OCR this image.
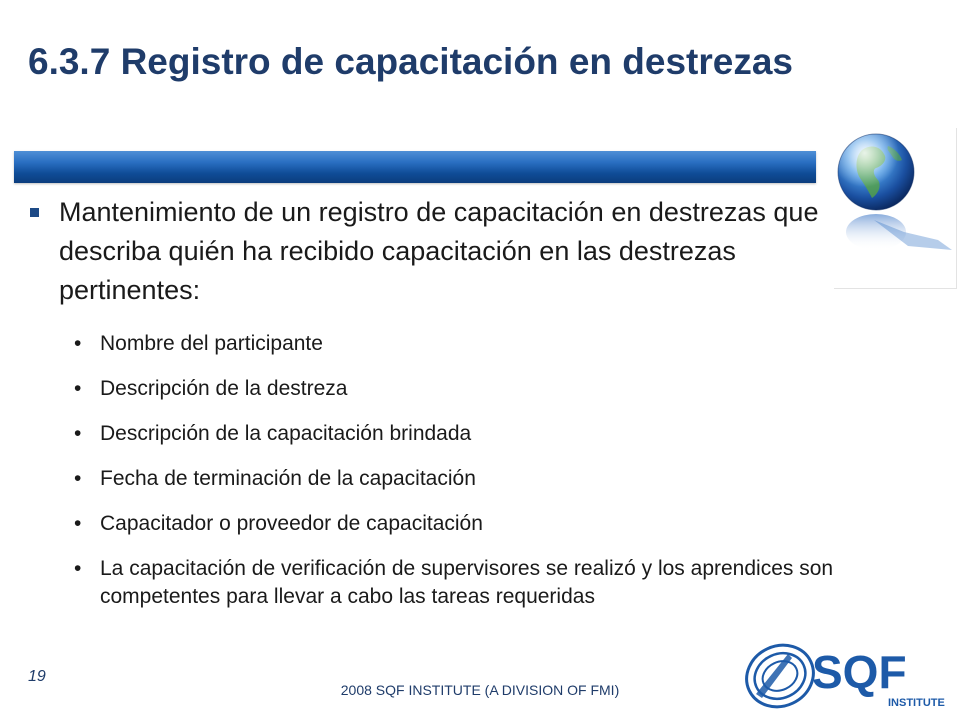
6.3.7 Registro de capacitación en destrezas
Mantenimiento de un registro de capacitación en destrezas que describa quién ha recibido capacitación en las destrezas pertinentes:
• Nombre del participante
• Descripción de la destreza
• Descripción de la capacitación brindada
• Fecha de terminación de la capacitación
• Capacitador o proveedor de capacitación
• La capacitación de verificación de supervisores se realizó y los aprendices son competentes para llevar a cabo las tareas requeridas
19
2008 SQF INSTITUTE (A DIVISION OF FMI)	SQF
INSTITUTE
